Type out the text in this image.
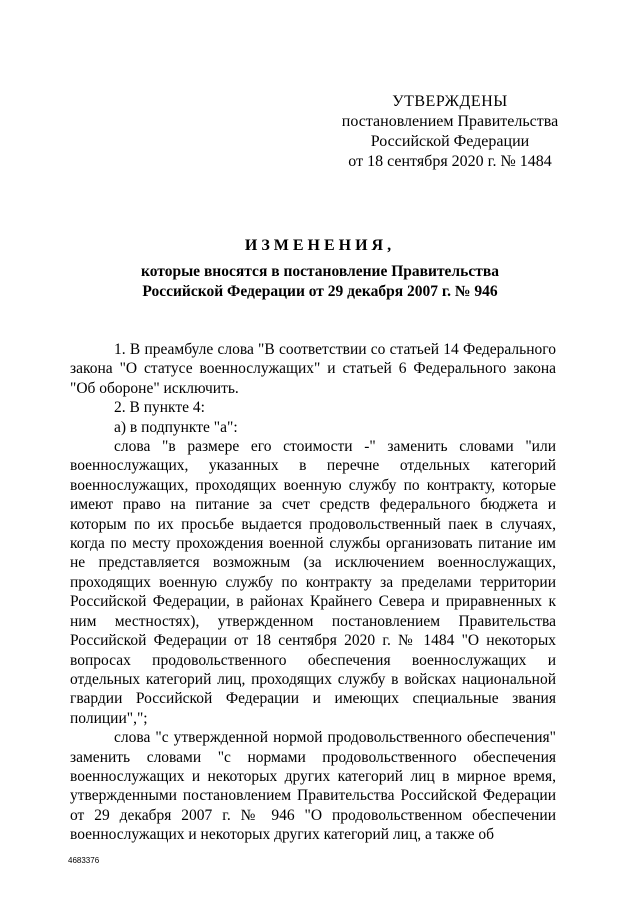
УТВЕРЖДЕНЫ
постановлением Правительства
Российской Федерации
от 18 сентября 2020 г. № 1484
ИЗМЕНЕНИЯ,
которые вносятся в постановление Правительства
Российской Федерации от 29 декабря 2007 г. № 946

1. В преамбуле слова "В соответствии со статьей 14 Федерального закона "О статусе военнослужащих" и статьей 6 Федерального закона "Об обороне" исключить.

2. В пункте 4:

а) в подпункте "а":

слова "в размере его стоимости -" заменить словами "или военнослужащих, указанных в перечне отдельных категорий военнослужащих, проходящих военную службу по контракту, которые имеют право на питание за счет средств федерального бюджета и которым по их просьбе выдается продовольственный паек в случаях, когда по месту прохождения военной службы организовать питание им не представляется возможным (за исключением военнослужащих, проходящих военную службу по контракту за пределами территории Российской Федерации, в районах Крайнего Севера и приравненных к ним местностях), утвержденном постановлением Правительства Российской Федерации от 18 сентября 2020 г. № 1484 "О некоторых вопросах продовольственного обеспечения военнослужащих и отдельных категорий лиц, проходящих службу в войсках национальной гвардии Российской Федерации и имеющих специальные звания полиции",";

слова "с утвержденной нормой продовольственного обеспечения" заменить словами "с нормами продовольственного обеспечения военнослужащих и некоторых других категорий лиц в мирное время, утвержденными постановлением Правительства Российской Федерации от 29 декабря 2007 г. № 946 "О продовольственном обеспечении военнослужащих и некоторых других категорий лиц, а также об

4683376
